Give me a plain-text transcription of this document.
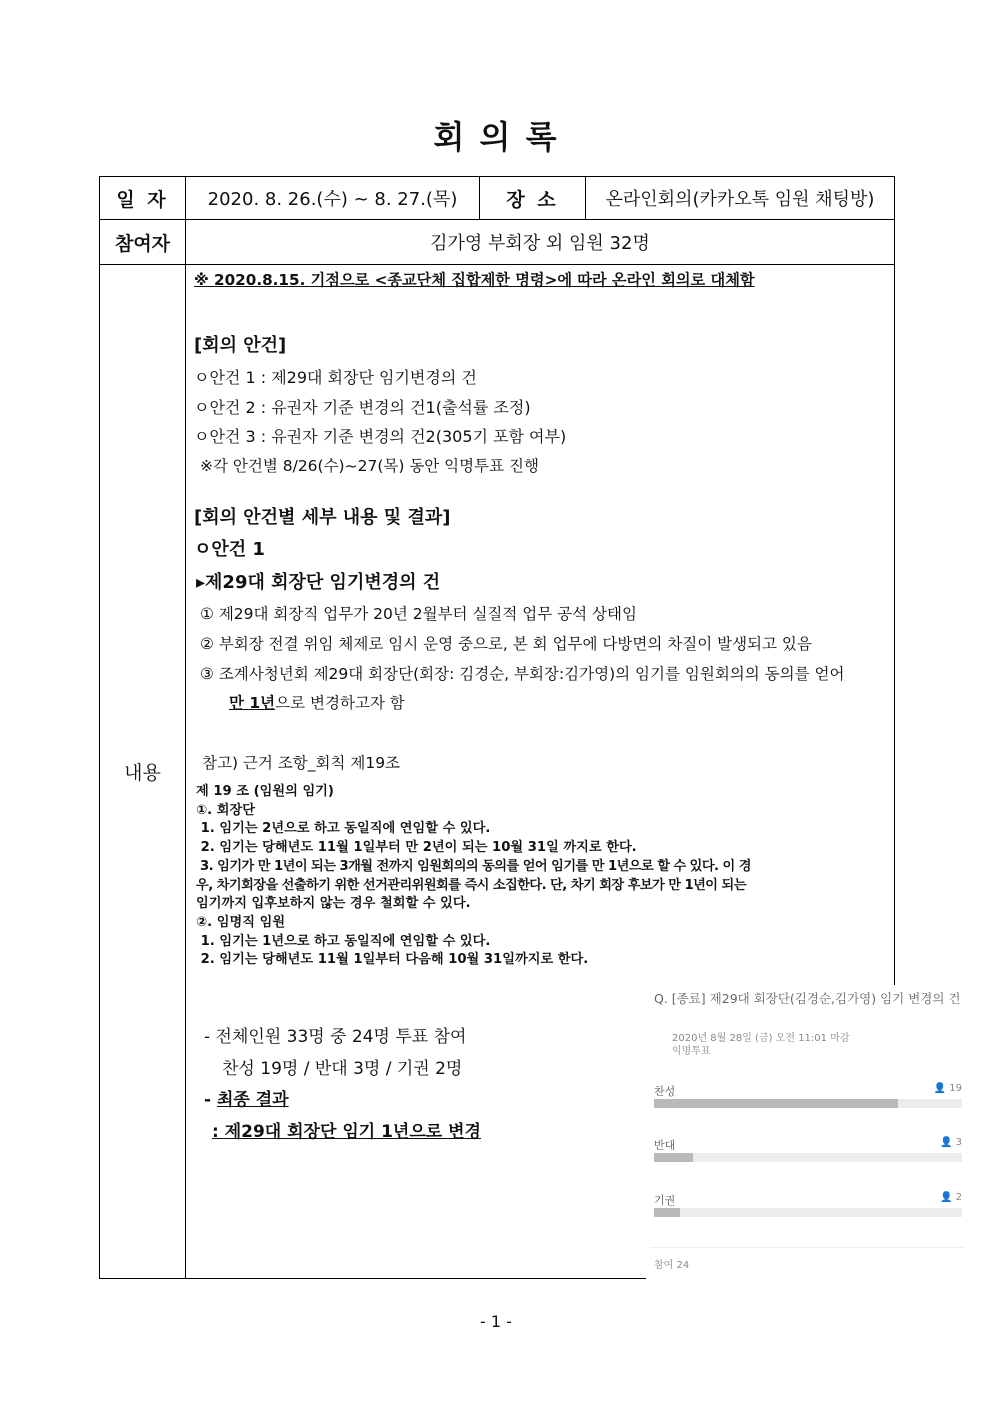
회 의 록
일 자	2020. 8. 26.(수) ~ 8. 27.(목)	장 소	온라인회의(카카오톡 임원 채팅방)
참여자	김가영 부회장 외 임원 32명
내용
※ 2020.8.15. 기점으로 <종교단체 집합제한 명령>에 따라 온라인 회의로 대체함
[회의 안건]
ㅇ안건 1 : 제29대 회장단 임기변경의 건
ㅇ안건 2 : 유권자 기준 변경의 건1(출석률 조정)
ㅇ안건 3 : 유권자 기준 변경의 건2(305기 포함 여부)
※각 안건별 8/26(수)~27(목) 동안 익명투표 진행
[회의 안건별 세부 내용 및 결과]
ㅇ안건 1
▸제29대 회장단 임기변경의 건
① 제29대 회장직 업무가 20년 2월부터 실질적 업무 공석 상태임
② 부회장 전결 위임 체제로 임시 운영 중으로, 본 회 업무에 다방면의 차질이 발생되고 있음
③ 조계사청년회 제29대 회장단(회장: 김경순, 부회장:김가영)의 임기를 임원회의의 동의를 얻어
만 1년으로 변경하고자 함
참고) 근거 조항_회칙 제19조
제 19 조 (임원의 임기)
①. 회장단
1. 임기는 2년으로 하고 동일직에 연임할 수 있다.
2. 임기는 당해년도 11월 1일부터 만 2년이 되는 10월 31일 까지로 한다.
3. 임기가 만 1년이 되는 3개월 전까지 임원회의의 동의를 얻어 임기를 만 1년으로 할 수 있다. 이 경
우, 차기회장을 선출하기 위한 선거관리위원회를 즉시 소집한다. 단, 차기 회장 후보가 만 1년이 되는
임기까지 입후보하지 않는 경우 철회할 수 있다.
②. 임명직 임원
1. 임기는 1년으로 하고 동일직에 연임할 수 있다.
2. 임기는 당해년도 11월 1일부터 다음해 10월 31일까지로 한다.
- 전체인원 33명 중 24명 투표 참여
찬성 19명 / 반대 3명 / 기권 2명
- 최종 결과
: 제29대 회장단 임기 1년으로 변경
Q. [종료] 제29대 회장단(김경순,김가영) 임기 변경의 건
2020년 8월 28일 (금) 오전 11:01 마감
익명투표
찬성	👤 19
반대	👤 3
기권	👤 2
참여 24
- 1 -
